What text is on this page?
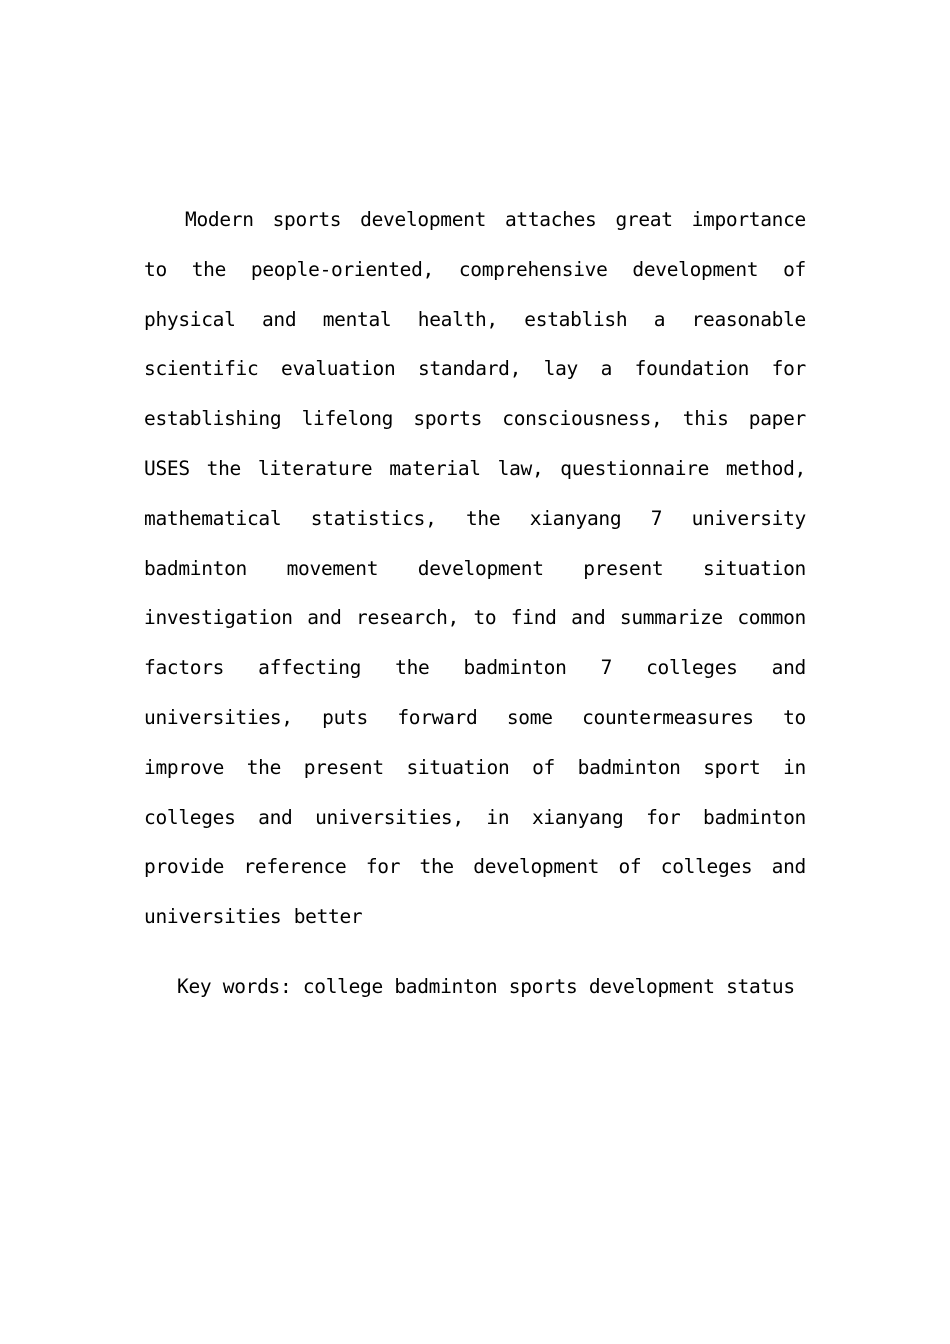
Modern sports development attaches great importance to the people-oriented, comprehensive development of physical and mental health, establish a reasonable scientific evaluation standard, lay a foundation for establishing lifelong sports consciousness, this paper USES the literature material law, questionnaire method, mathematical statistics, the xianyang 7 university badminton movement development present situation investigation and research, to find and summarize common factors affecting the badminton 7 colleges and universities, puts forward some countermeasures to improve the present situation of badminton sport in colleges and universities, in xianyang for badminton provide reference for the development of colleges and universities better

Key words: college badminton sports development status
